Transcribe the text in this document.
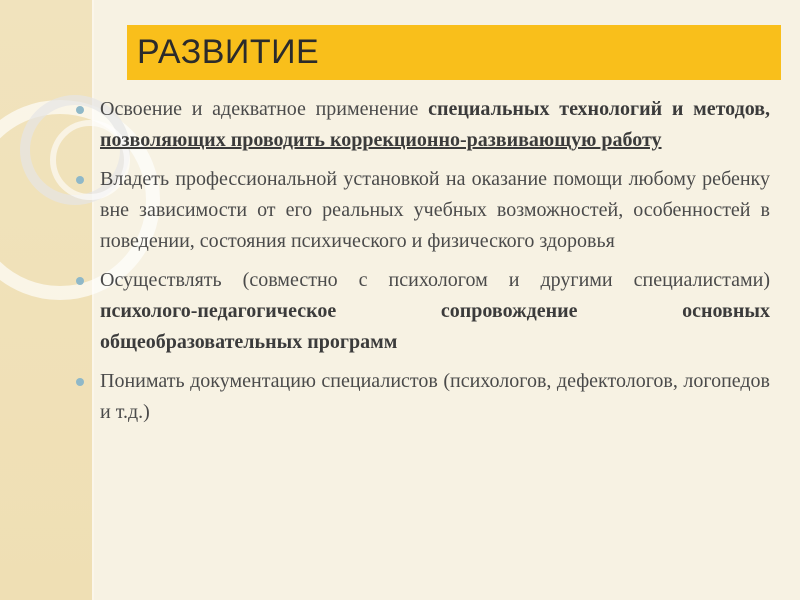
РАЗВИТИЕ
Освоение и адекватное применение специальных технологий и методов, позволяющих проводить коррекционно-развивающую работу
Владеть профессиональной установкой на оказание помощи любому ребенку вне зависимости от его реальных учебных возможностей, особенностей в поведении, состояния психического и физического здоровья
Осуществлять (совместно с психологом и другими специалистами) психолого-педагогическое сопровождение основных общеобразовательных программ
Понимать документацию специалистов (психологов, дефектологов, логопедов и т.д.)
